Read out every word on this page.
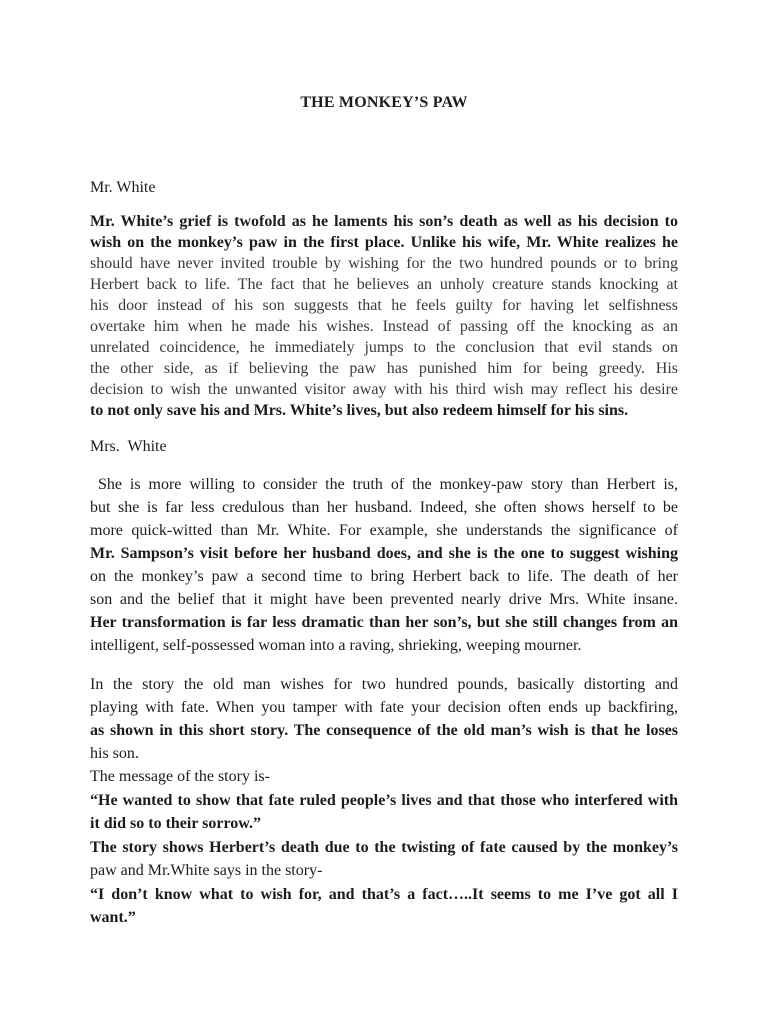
THE MONKEY’S PAW
Mr. White
Mr. White’s grief is twofold as he laments his son’s death as well as his decision to
wish on the monkey’s paw in the first place. Unlike his wife, Mr. White realizes he
should have never invited trouble by wishing for the two hundred pounds or to bring
Herbert back to life. The fact that he believes an unholy creature stands knocking at
his door instead of his son suggests that he feels guilty for having let selfishness
overtake him when he made his wishes. Instead of passing off the knocking as an
unrelated coincidence, he immediately jumps to the conclusion that evil stands on
the other side, as if believing the paw has punished him for being greedy. His
decision to wish the unwanted visitor away with his third wish may reflect his desire
to not only save his and Mrs. White’s lives, but also redeem himself for his sins.
Mrs.  White
She is more willing to consider the truth of the monkey-paw story than Herbert is,
but she is far less credulous than her husband. Indeed, she often shows herself to be
more quick-witted than Mr. White. For example, she understands the significance of
Mr. Sampson’s visit before her husband does, and she is the one to suggest wishing
on the monkey’s paw a second time to bring Herbert back to life. The death of her
son and the belief that it might have been prevented nearly drive Mrs. White insane.
Her transformation is far less dramatic than her son’s, but she still changes from an
intelligent, self-possessed woman into a raving, shrieking, weeping mourner.
In the story the old man wishes for two hundred pounds, basically distorting and
playing with fate. When you tamper with fate your decision often ends up backfiring,
as shown in this short story. The consequence of the old man’s wish is that he loses
his son.
The message of the story is-
“He wanted to show that fate ruled people’s lives and that those who interfered with
it did so to their sorrow.”
The story shows Herbert’s death due to the twisting of fate caused by the monkey’s
paw and Mr.White says in the story-
“I don’t know what to wish for, and that’s a fact…..It seems to me I’ve got all I
want.”
